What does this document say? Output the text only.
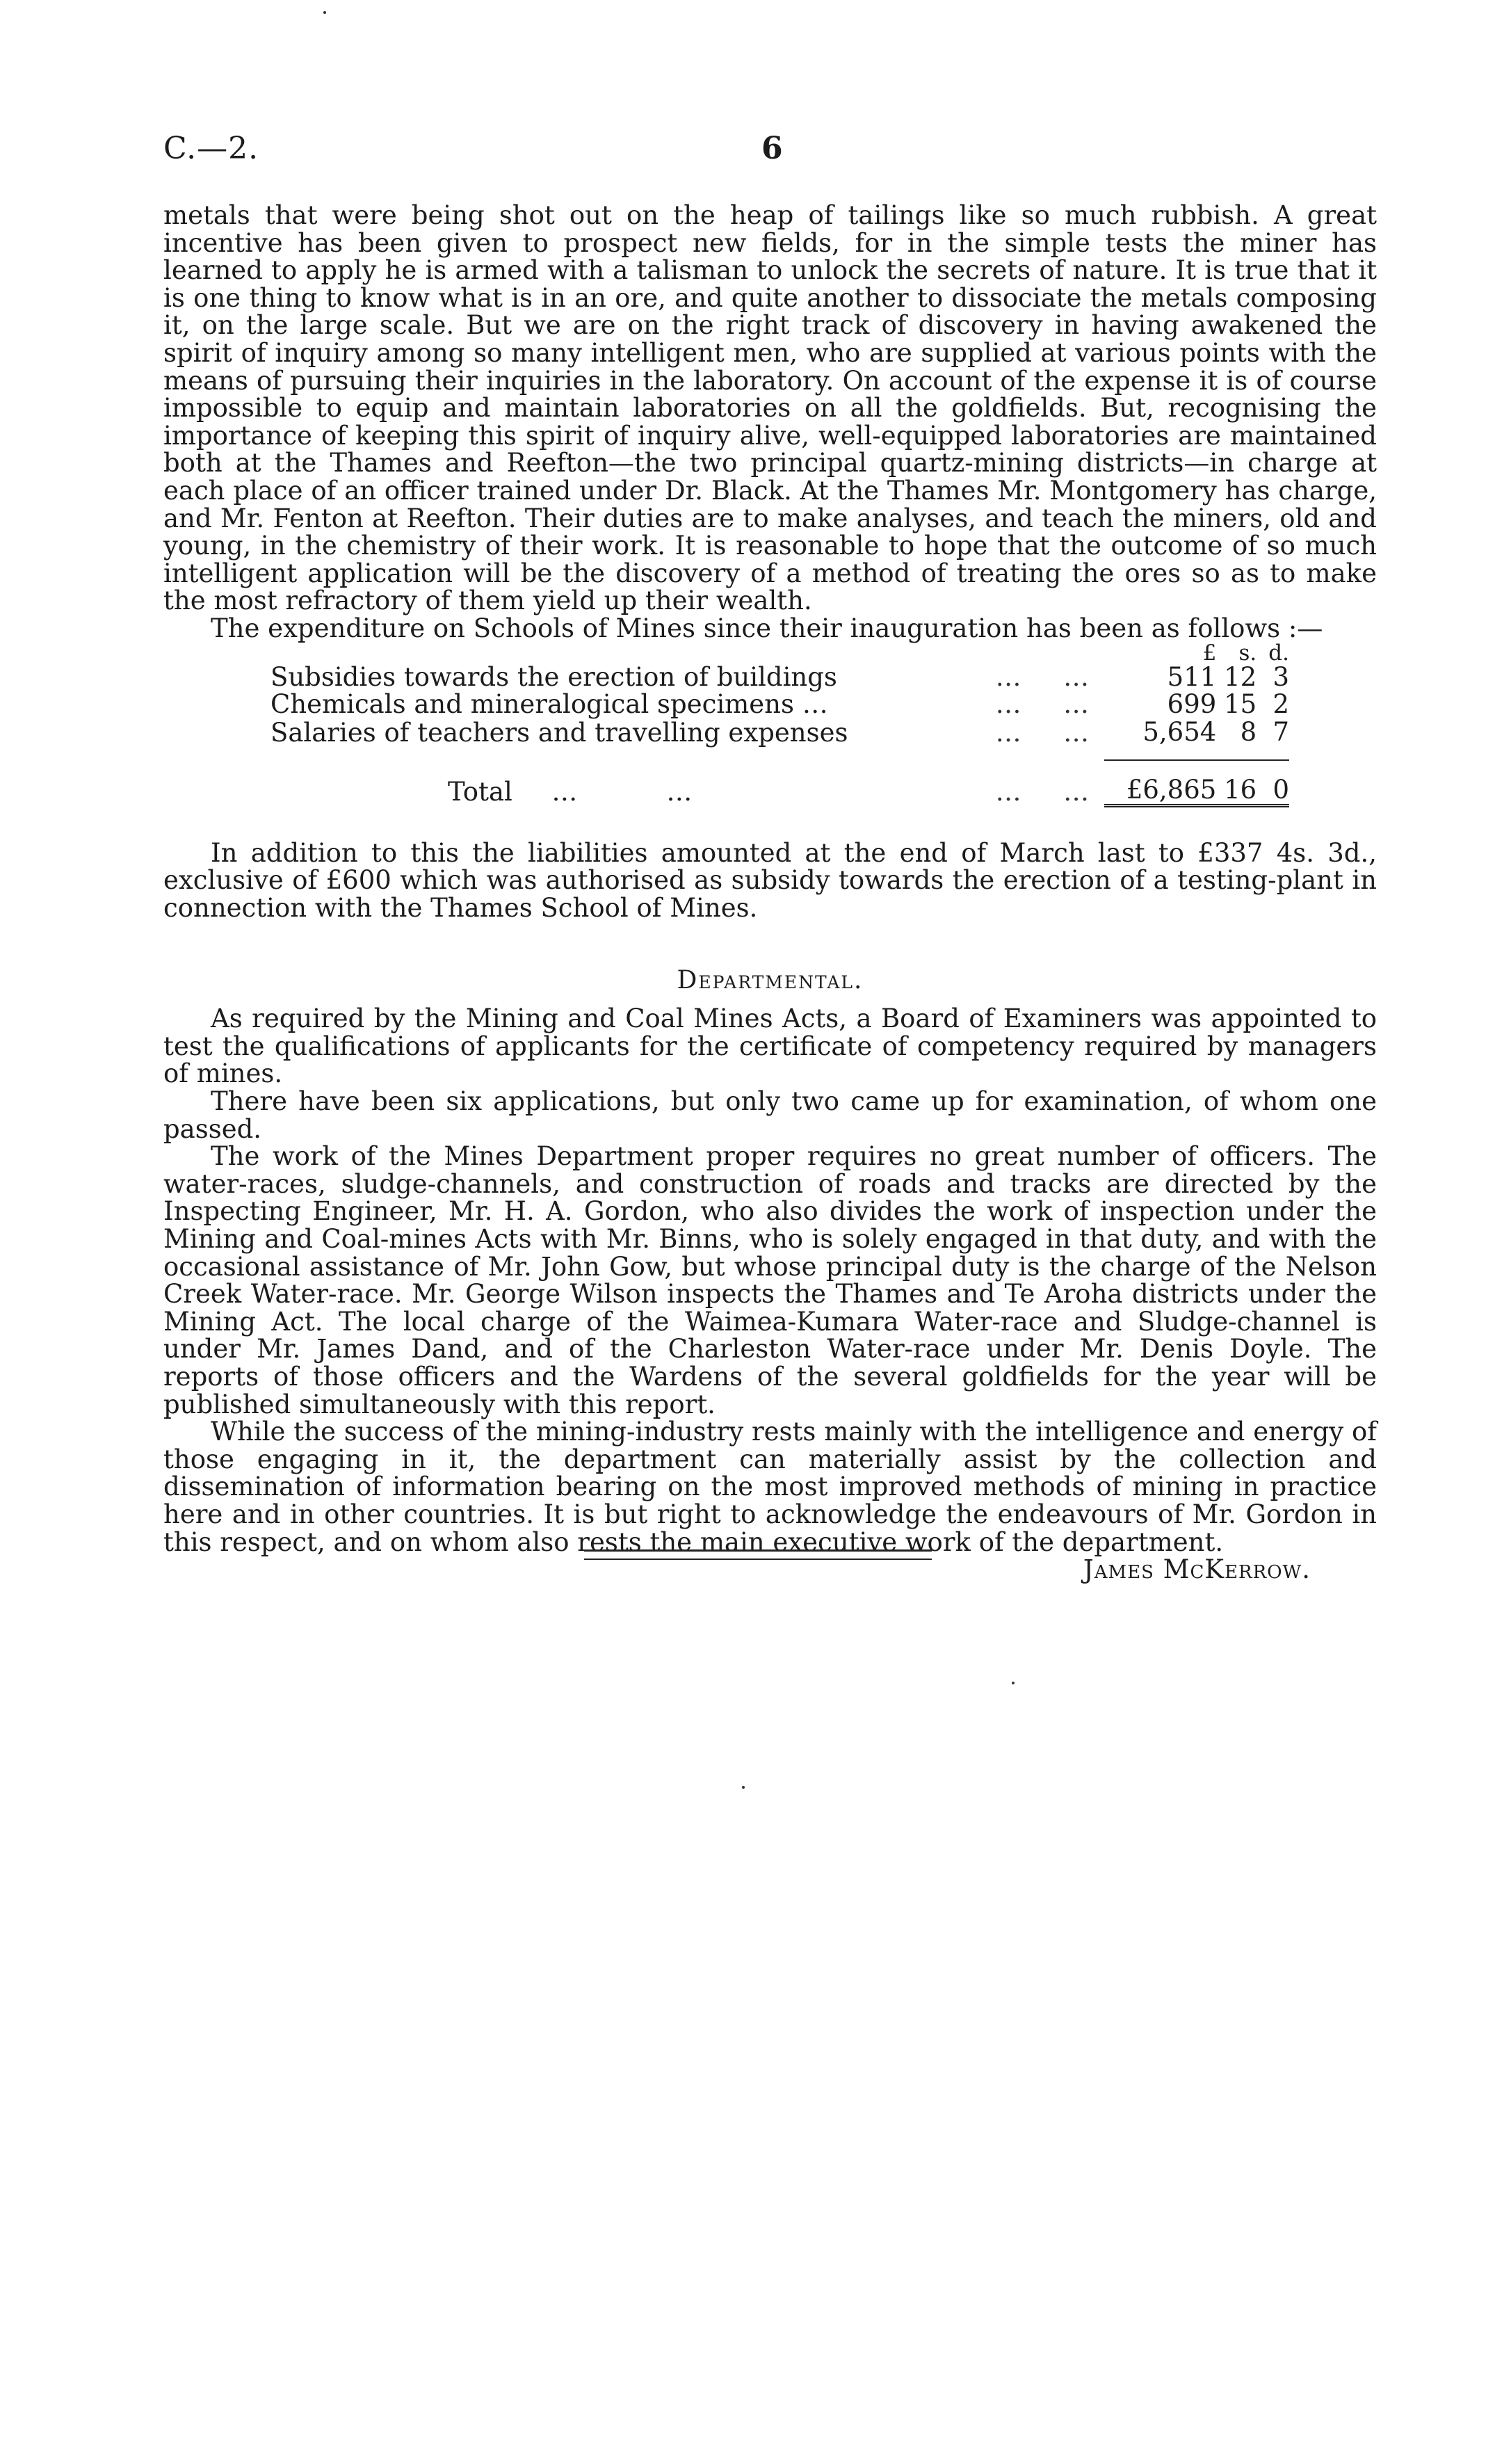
C.—2.	6

metals that were being shot out on the heap of tailings like so much rubbish. A great incentive has been given to prospect new fields, for in the simple tests the miner has learned to apply he is armed with a talisman to unlock the secrets of nature. It is true that it is one thing to know what is in an ore, and quite another to dissociate the metals composing it, on the large scale. But we are on the right track of discovery in having awakened the spirit of inquiry among so many intelligent men, who are supplied at various points with the means of pursuing their inquiries in the laboratory. On account of the expense it is of course impossible to equip and maintain laboratories on all the goldfields. But, recognising the importance of keeping this spirit of inquiry alive, well-equipped laboratories are maintained both at the Thames and Reefton—the two principal quartz-mining districts—in charge at each place of an officer trained under Dr. Black. At the Thames Mr. Montgomery has charge, and Mr. Fenton at Reefton. Their duties are to make analyses, and teach the miners, old and young, in the chemistry of their work. It is reasonable to hope that the outcome of so much intelligent application will be the discovery of a method of treating the ores so as to make the most refractory of them yield up their wealth.

The expenditure on Schools of Mines since their inauguration has been as follows :—

			£	s.	d.
Subsidies towards the erection of buildings	…	…	511	12	3
Chemicals and mineralogical specimens …	…	…	699	15	2
Salaries of teachers and travelling expenses	…	…	5,654	8	7
Total … …	…	…	£6,865	16	0

In addition to this the liabilities amounted at the end of March last to £337 4s. 3d., exclusive of £600 which was authorised as subsidy towards the erection of a testing-plant in connection with the Thames School of Mines.

Departmental.

As required by the Mining and Coal Mines Acts, a Board of Examiners was appointed to test the qualifications of applicants for the certificate of competency required by managers of mines.

There have been six applications, but only two came up for examination, of whom one passed.

The work of the Mines Department proper requires no great number of officers. The water-races, sludge-channels, and construction of roads and tracks are directed by the Inspecting Engineer, Mr. H. A. Gordon, who also divides the work of inspection under the Mining and Coal-mines Acts with Mr. Binns, who is solely engaged in that duty, and with the occasional assistance of Mr. John Gow, but whose principal duty is the charge of the Nelson Creek Water-race. Mr. George Wilson inspects the Thames and Te Aroha districts under the Mining Act. The local charge of the Waimea-Kumara Water-race and Sludge-channel is under Mr. James Dand, and of the Charleston Water-race under Mr. Denis Doyle. The reports of those officers and the Wardens of the several goldfields for the year will be published simultaneously with this report.

While the success of the mining-industry rests mainly with the intelligence and energy of those engaging in it, the department can materially assist by the collection and dissemination of information bearing on the most improved methods of mining in practice here and in other countries. It is but right to acknowledge the endeavours of Mr. Gordon in this respect, and on whom also rests the main executive work of the department.
James McKerrow.
